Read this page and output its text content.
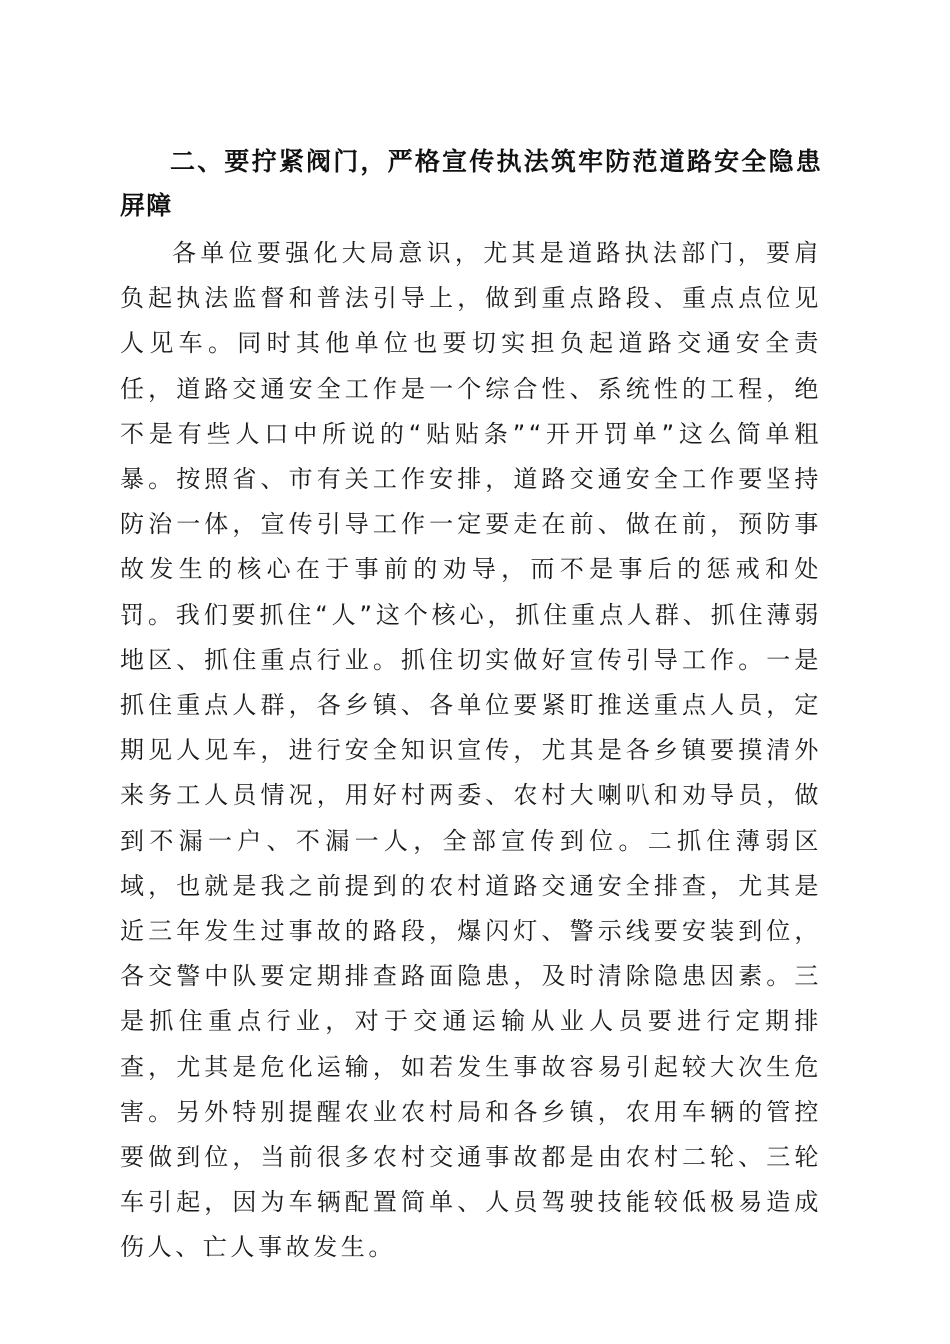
二、要拧紧阀门，严格宣传执法筑牢防范道路安全隐患屏障

各单位要强化大局意识，尤其是道路执法部门，要肩负起执法监督和普法引导上，做到重点路段、重点点位见人见车。同时其他单位也要切实担负起道路交通安全责任，道路交通安全工作是一个综合性、系统性的工程，绝不是有些人口中所说的“贴贴条”“开开罚单”这么简单粗暴。按照省、市有关工作安排，道路交通安全工作要坚持防治一体，宣传引导工作一定要走在前、做在前，预防事故发生的核心在于事前的劝导，而不是事后的惩戒和处罚。我们要抓住“人”这个核心，抓住重点人群、抓住薄弱地区、抓住重点行业。抓住切实做好宣传引导工作。一是抓住重点人群，各乡镇、各单位要紧盯推送重点人员，定期见人见车，进行安全知识宣传，尤其是各乡镇要摸清外来务工人员情况，用好村两委、农村大喇叭和劝导员，做到不漏一户、不漏一人，全部宣传到位。二抓住薄弱区域，也就是我之前提到的农村道路交通安全排查，尤其是近三年发生过事故的路段，爆闪灯、警示线要安装到位，各交警中队要定期排查路面隐患，及时清除隐患因素。三是抓住重点行业，对于交通运输从业人员要进行定期排查，尤其是危化运输，如若发生事故容易引起较大次生危害。另外特别提醒农业农村局和各乡镇，农用车辆的管控要做到位，当前很多农村交通事故都是由农村二轮、三轮车引起，因为车辆配置简单、人员驾驶技能较低极易造成伤人、亡人事故发生。
